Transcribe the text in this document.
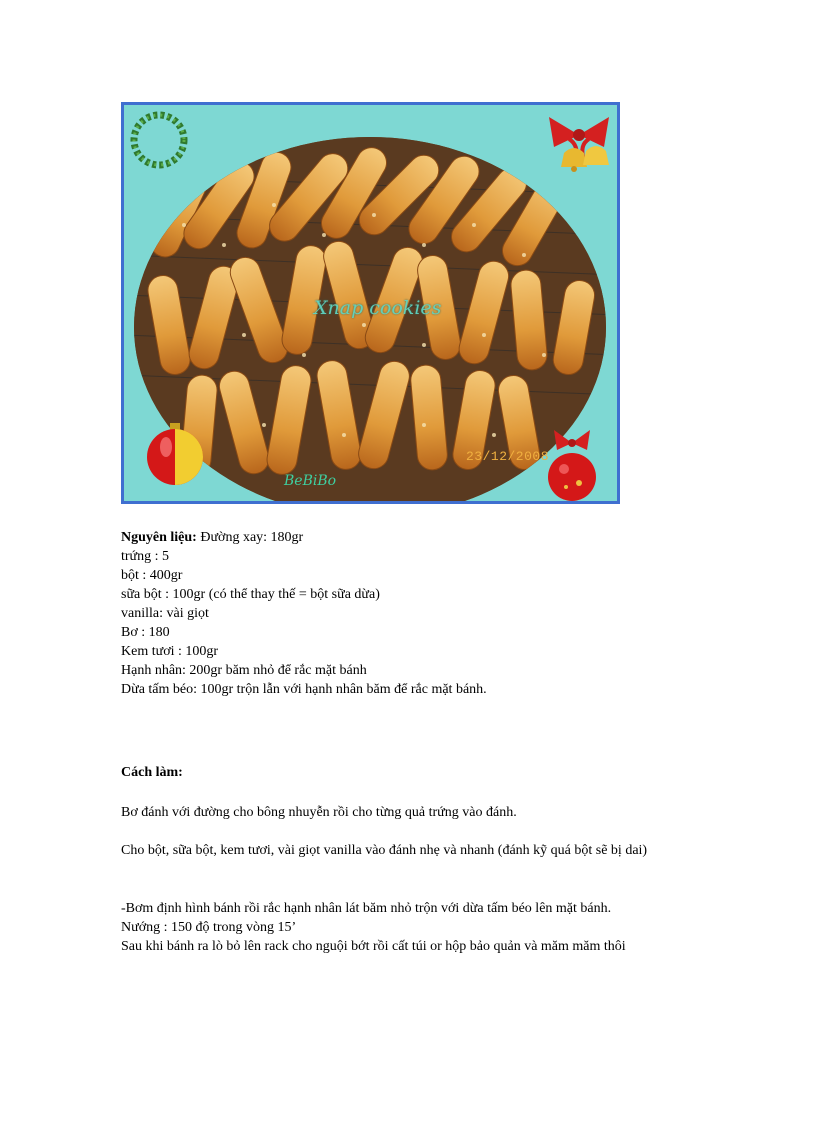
Xnap cookies
23/12/2008
BeBiBo
Nguyên liệu: Đường xay: 180gr
trứng : 5
bột : 400gr
sữa bột : 100gr (có thể thay thế = bột sữa dừa)
vanilla: vài giọt
Bơ : 180
Kem tươi : 100gr
Hạnh nhân: 200gr băm nhỏ để rắc mặt bánh
Dừa tấm béo: 100gr trộn lẫn với hạnh nhân băm để rắc mặt bánh.
Cách làm:
Bơ đánh với đường cho bông nhuyễn rồi cho từng quả trứng vào đánh.
Cho bột, sữa bột, kem tươi, vài giọt vanilla vào đánh nhẹ và nhanh (đánh kỹ quá bột sẽ bị dai)
-Bơm định hình bánh rồi rắc hạnh nhân lát băm nhỏ trộn với dừa tấm béo lên mặt bánh.
Nướng : 150 độ trong vòng 15’
Sau khi bánh ra lò bỏ lên rack cho nguội bớt rồi cất túi or hộp bảo quản và măm măm thôi
